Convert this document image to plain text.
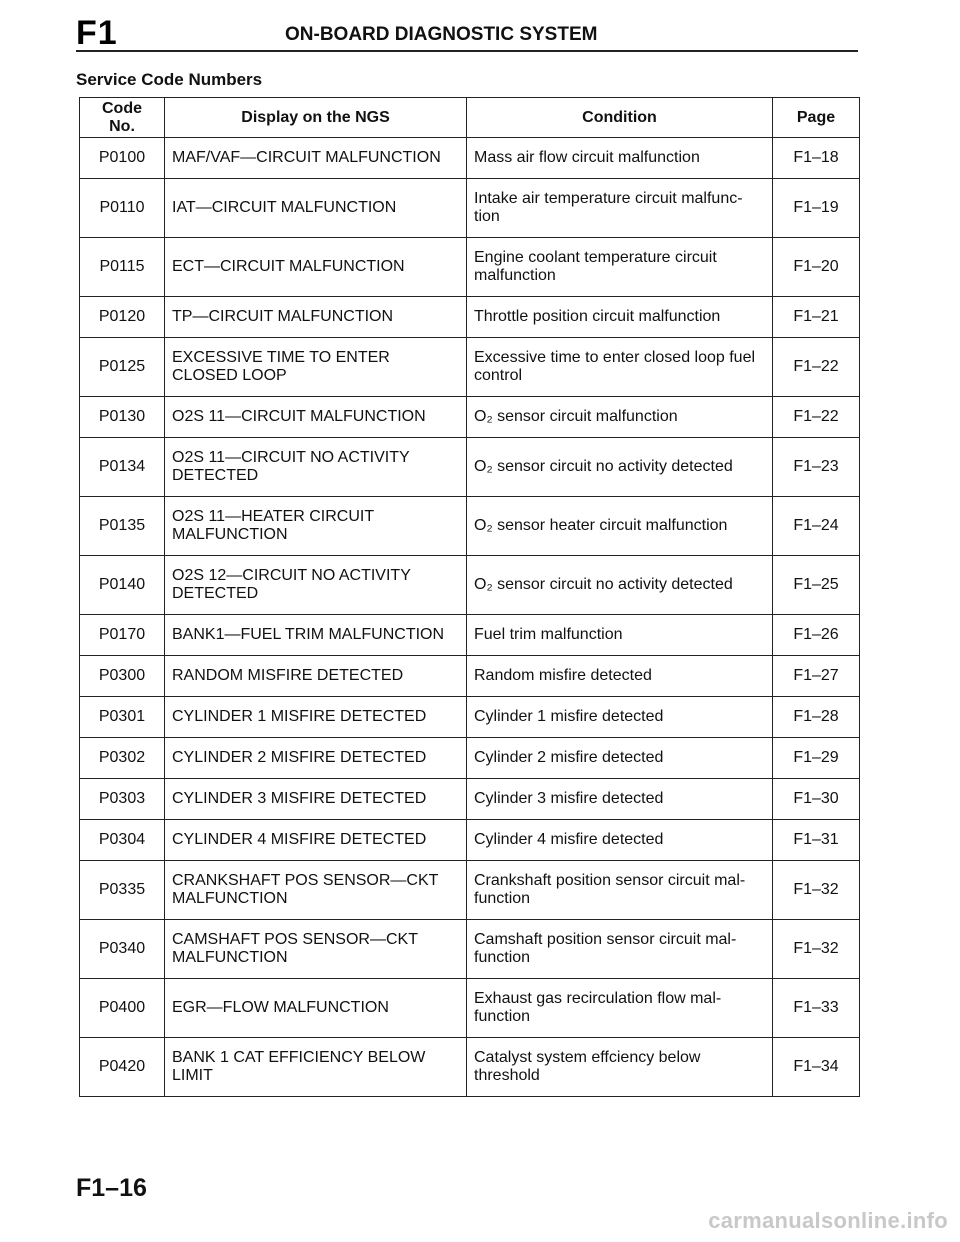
F1	ON-BOARD DIAGNOSTIC SYSTEM
Service Code Numbers
Code No.	Display on the NGS	Condition	Page
P0100	MAF/VAF—CIRCUIT MALFUNCTION	Mass air flow circuit malfunction	F1–18
P0110	IAT—CIRCUIT MALFUNCTION	Intake air temperature circuit malfunc-tion	F1–19
P0115	ECT—CIRCUIT MALFUNCTION	Engine coolant temperature circuit malfunction	F1–20
P0120	TP—CIRCUIT MALFUNCTION	Throttle position circuit malfunction	F1–21
P0125	EXCESSIVE TIME TO ENTER CLOSED LOOP	Excessive time to enter closed loop fuel control	F1–22
P0130	O2S 11—CIRCUIT MALFUNCTION	O₂ sensor circuit malfunction	F1–22
P0134	O2S 11—CIRCUIT NO ACTIVITY DETECTED	O₂ sensor circuit no activity detected	F1–23
P0135	O2S 11—HEATER CIRCUIT MALFUNCTION	O₂ sensor heater circuit malfunction	F1–24
P0140	O2S 12—CIRCUIT NO ACTIVITY DETECTED	O₂ sensor circuit no activity detected	F1–25
P0170	BANK1—FUEL TRIM MALFUNCTION	Fuel trim malfunction	F1–26
P0300	RANDOM MISFIRE DETECTED	Random misfire detected	F1–27
P0301	CYLINDER 1 MISFIRE DETECTED	Cylinder 1 misfire detected	F1–28
P0302	CYLINDER 2 MISFIRE DETECTED	Cylinder 2 misfire detected	F1–29
P0303	CYLINDER 3 MISFIRE DETECTED	Cylinder 3 misfire detected	F1–30
P0304	CYLINDER 4 MISFIRE DETECTED	Cylinder 4 misfire detected	F1–31
P0335	CRANKSHAFT POS SENSOR—CKT MALFUNCTION	Crankshaft position sensor circuit mal-function	F1–32
P0340	CAMSHAFT POS SENSOR—CKT MALFUNCTION	Camshaft position sensor circuit mal-function	F1–32
P0400	EGR—FLOW MALFUNCTION	Exhaust gas recirculation flow mal-function	F1–33
P0420	BANK 1 CAT EFFICIENCY BELOW LIMIT	Catalyst system effciency below threshold	F1–34
F1–16
carmanualsonline.info
